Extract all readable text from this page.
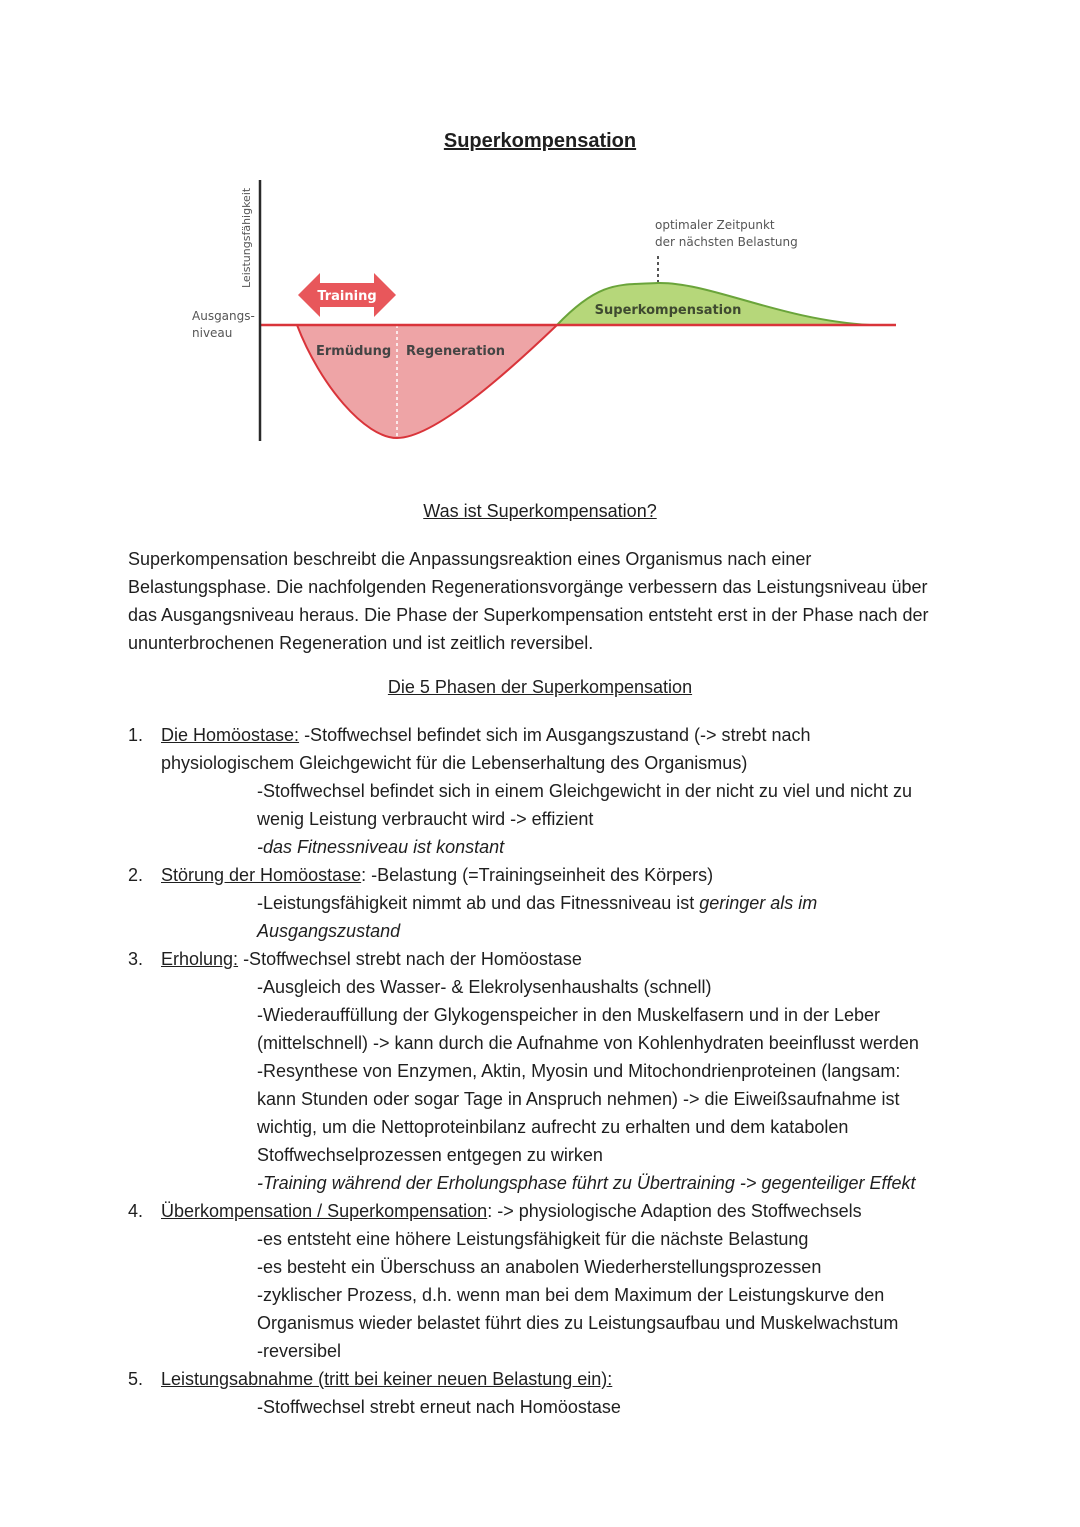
Superkompensation
Leistungsfähigkeit
Ausgangs-
niveau
Training
Ermüdung Regeneration
Superkompensation
optimaler Zeitpunkt
der nächsten Belastung
Was ist Superkompensation?

Superkompensation beschreibt die Anpassungsreaktion eines Organismus nach einer

Belastungsphase. Die nachfolgenden Regenerationsvorgänge verbessern das Leistungsniveau über

das Ausgangsniveau heraus. Die Phase der Superkompensation entsteht erst in der Phase nach der

ununterbrochenen Regeneration und ist zeitlich reversibel.

Die 5 Phasen der Superkompensation
1. Die Homöostase: -Stoffwechsel befindet sich im Ausgangszustand (-> strebt nach
physiologischem Gleichgewicht für die Lebenserhaltung des Organismus)
-Stoffwechsel befindet sich in einem Gleichgewicht in der nicht zu viel und nicht zu
wenig Leistung verbraucht wird -> effizient
-das Fitnessniveau ist konstant
2. Störung der Homöostase: -Belastung (=Trainingseinheit des Körpers)
-Leistungsfähigkeit nimmt ab und das Fitnessniveau ist geringer als im
Ausgangszustand
3. Erholung: -Stoffwechsel strebt nach der Homöostase
-Ausgleich des Wasser- & Elekrolysenhaushalts (schnell)
-Wiederauffüllung der Glykogenspeicher in den Muskelfasern und in der Leber
(mittelschnell) -> kann durch die Aufnahme von Kohlenhydraten beeinflusst werden
-Resynthese von Enzymen, Aktin, Myosin und Mitochondrienproteinen (langsam:
kann Stunden oder sogar Tage in Anspruch nehmen) -> die Eiweißsaufnahme ist
wichtig, um die Nettoproteinbilanz aufrecht zu erhalten und dem katabolen
Stoffwechselprozessen entgegen zu wirken
-Training während der Erholungsphase führt zu Übertraining -> gegenteiliger Effekt
4. Überkompensation / Superkompensation: -> physiologische Adaption des Stoffwechsels
-es entsteht eine höhere Leistungsfähigkeit für die nächste Belastung
-es besteht ein Überschuss an anabolen Wiederherstellungsprozessen
-zyklischer Prozess, d.h. wenn man bei dem Maximum der Leistungskurve den
Organismus wieder belastet führt dies zu Leistungsaufbau und Muskelwachstum
-reversibel
5. Leistungsabnahme (tritt bei keiner neuen Belastung ein):
-Stoffwechsel strebt erneut nach Homöostase
